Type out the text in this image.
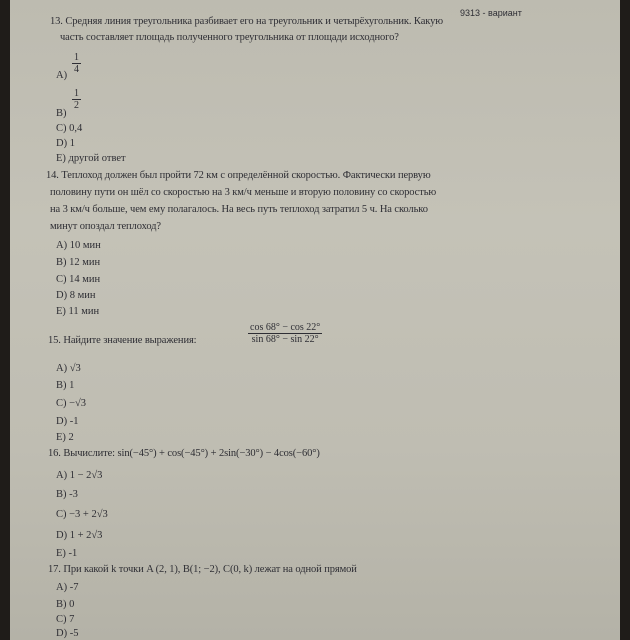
9313 - вариант
13. Средняя линия треугольника разбивает его на треугольник и четырёхугольник. Какую
часть составляет площадь полученного треугольника от площади исходного?
A)
$\frac{1}{4}$
B)
$\frac{1}{2}$
C) 0,4
D) 1
E) другой ответ
14. Теплоход должен был пройти 72 км с определённой скоростью. Фактически первую
половину пути он шёл со скоростью на 3 км/ч меньше и вторую половину со скоростью
на 3 км/ч больше, чем ему полагалось. На весь путь теплоход затратил 5 ч. На сколько
минут опоздал теплоход?
A) 10 мин
B) 12 мин
C) 14 мин
D) 8 мин
E) 11 мин
15. Найдите значение выражения:	$\frac{\cos 68^\circ - \cos 22^\circ}{\sin 68^\circ - \sin 22^\circ}$
A) √3
B) 1
C) −√3
D) -1
E) 2
16. Вычислите: sin(−45°) + cos(−45°) + 2sin(−30°) − 4cos(−60°)
A) 1 − 2√3
B) -3
C) −3 + 2√3
D) 1 + 2√3
E) -1
17. При какой k точки A (2, 1), B(1; −2), C(0, k) лежат на одной прямой
A) -7
B) 0
C) 7
D) -5
